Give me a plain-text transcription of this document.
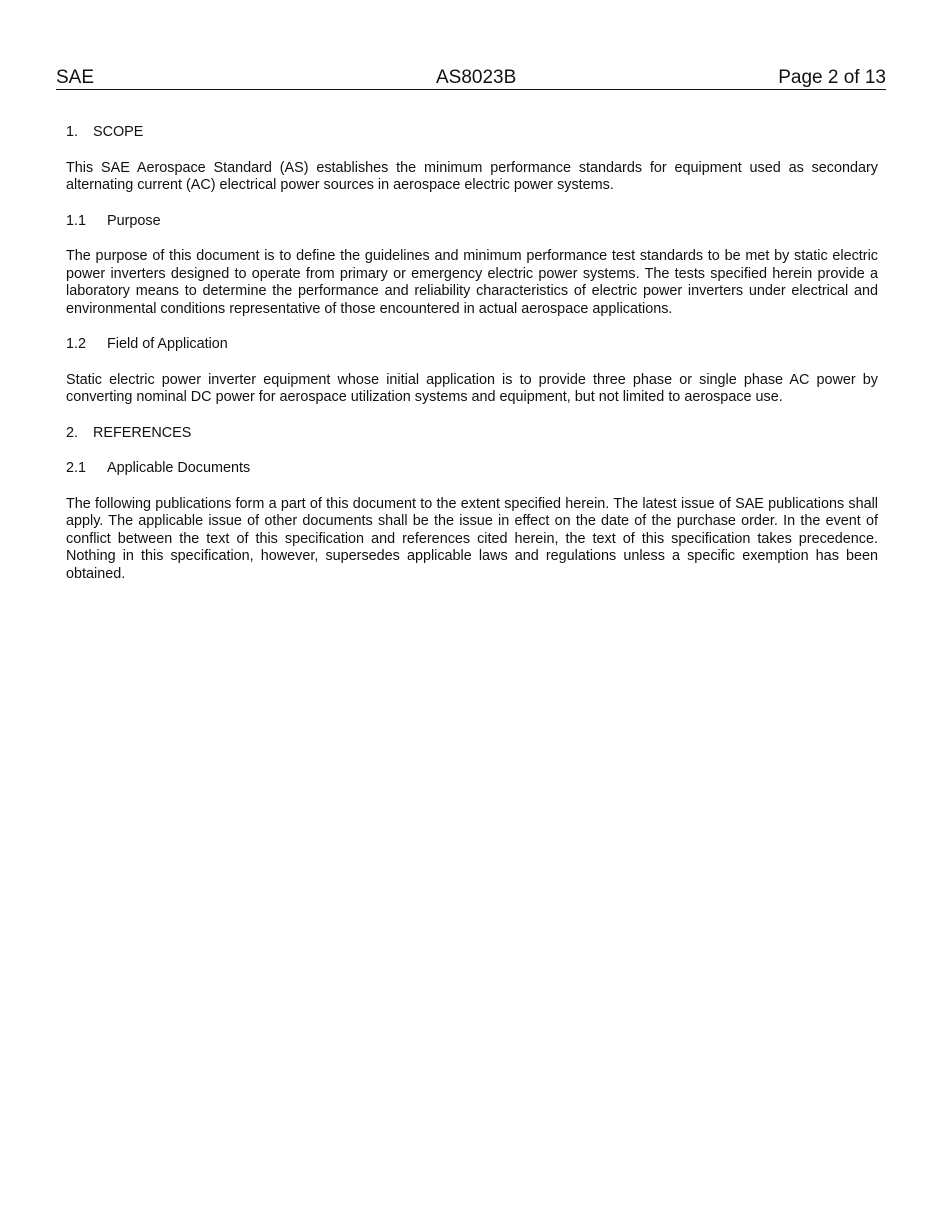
SAE	AS8023B	Page 2 of 13
1. SCOPE

This SAE Aerospace Standard (AS) establishes the minimum performance standards for equipment used as secondary alternating current (AC) electrical power sources in aerospace electric power systems.

1.1 Purpose

The purpose of this document is to define the guidelines and minimum performance test standards to be met by static electric power inverters designed to operate from primary or emergency electric power systems. The tests specified herein provide a laboratory means to determine the performance and reliability characteristics of electric power inverters under electrical and environmental conditions representative of those encountered in actual aerospace applications.

1.2 Field of Application

Static electric power inverter equipment whose initial application is to provide three phase or single phase AC power by converting nominal DC power for aerospace utilization systems and equipment, but not limited to aerospace use.

2. REFERENCES
2.1 Applicable Documents

The following publications form a part of this document to the extent specified herein. The latest issue of SAE publications shall apply. The applicable issue of other documents shall be the issue in effect on the date of the purchase order. In the event of conflict between the text of this specification and references cited herein, the text of this specification takes precedence. Nothing in this specification, however, supersedes applicable laws and regulations unless a specific exemption has been obtained.
